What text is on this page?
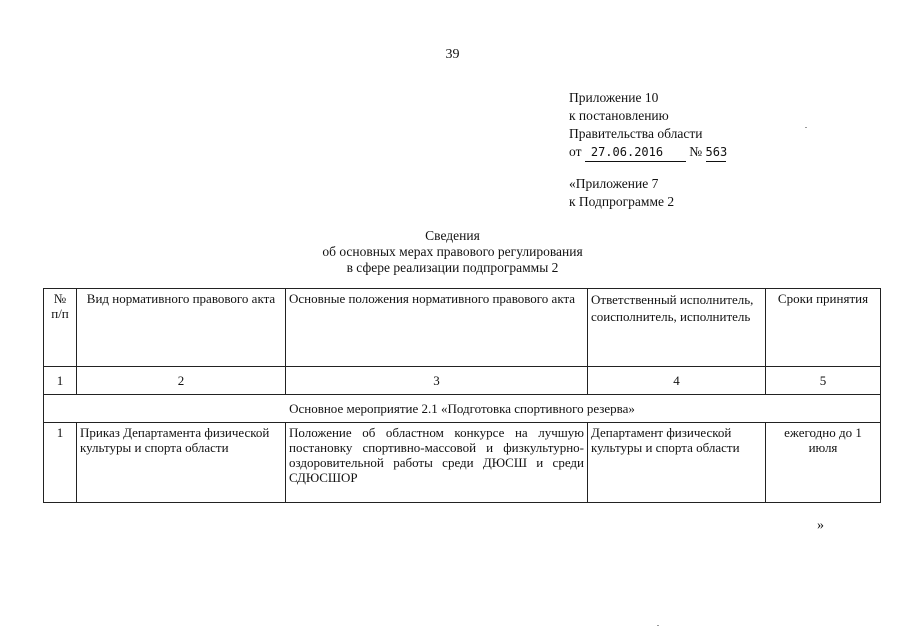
39
Приложение 10
к постановлению
Правительства области
от 27.06.2016 № 563
«Приложение 7
к Подпрограмме 2
Сведения
об основных мерах правового регулирования
в сфере реализации подпрограммы 2
№ п/п	Вид нормативного правового акта	Основные положения нормативного правового акта	Ответственный исполнитель, соисполнитель, исполнитель	Сроки принятия
1	2	3	4	5
Основное мероприятие 2.1 «Подготовка спортивного резерва»				
1	Приказ Департамента физической культуры и спорта области	Положение об областном конкурсе на лучшую постановку спортивно-массовой и физкультурно-оздоровительной работы среди ДЮСШ и среди СДЮСШОР	Департамент физической культуры и спорта области	ежегодно до 1 июля
»
